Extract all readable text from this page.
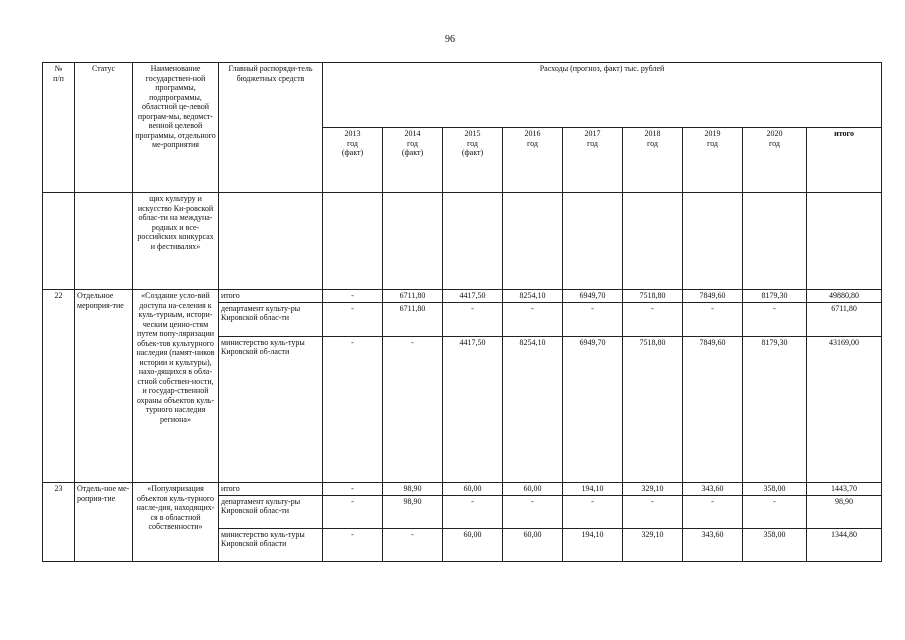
96
№
п/п	Статус	Наименование государствен-ной программы, подпрограммы, областной це-левой програм-мы, ведомст-венной целевой программы, отдельного ме-роприятия	Главный распоряди-тель бюджетных средств	Расходы (прогноз, факт) тыс. рублей								
				2013
год
(факт)	2014
год
(факт)	2015
год
(факт)	2016
год	2017
год	2018
год	2019
год	2020
год	итого
		щих культуру и искусство Ки-ровской облас-ти на междуна-родных и все-российских конкурсах и фестивалях»										
22	Отдельное мероприя-тие	«Создание усло-вий доступа на-селения к куль-турным, истори-ческим ценно-стям путем попу-ляризации объек-тов культурного наследия (памят-ников истории и культуры), нахо-дящихся в обла-стной собствен-ности, и государ-ственной охраны объектов куль-турного наследия региона»	итого	-	6711,80	4417,50	8254,10	6949,70	7518,80	7849,60	8179,30	49880,80
			департамент культу-ры Кировской облас-ти	-	6711,80	-	-	-	-	-	-	6711,80
			министерство куль-туры Кировской об-ласти	-	-	4417,50	8254,10	6949,70	7518,80	7849,60	8179,30	43169,00
23	Отдель-ное ме-роприя-тие	«Популяризация объектов куль-турного насле-дия, находящих-ся в областной собственности»	итого	-	98,90	60,00	60,00	194,10	329,10	343,60	358,00	1443,70
			департамент культу-ры Кировской облас-ти	-	98,90	-	-	-	-	-	-	98,90
			министерство куль-туры Кировской области	-	-	60,00	60,00	194,10	329,10	343,60	358,00	1344,80
